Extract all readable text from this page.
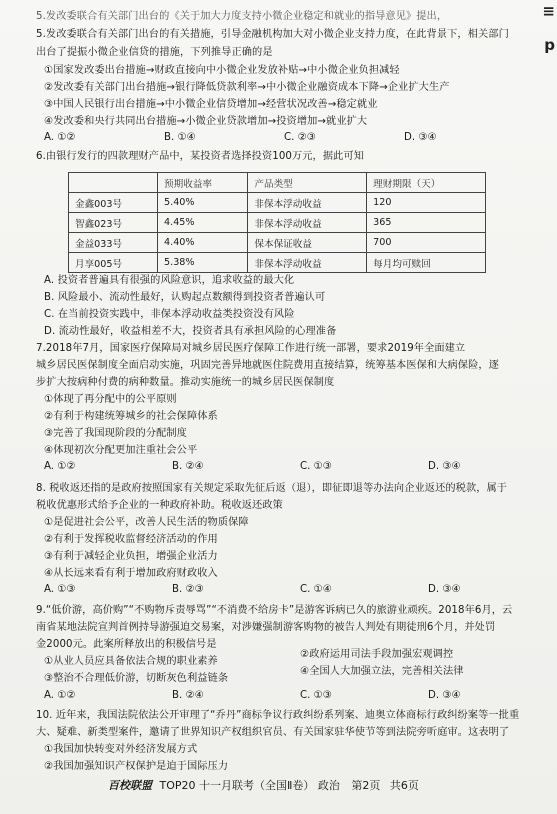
≡
p
5.发改委联合有关部门出台的《关于加大力度支持小微企业稳定和就业的指导意见》提出，
5.发改委联合有关部门出台的有关措施，引导金融机构加大对小微企业支持力度，在此背景下，相关部门
出台了提振小微企业信贷的措施，下列推导正确的是
①国家发改委出台措施→财政直接向中小微企业发放补贴→中小微企业负担减轻
②发改委有关部门出台措施→银行降低贷款利率→中小微企业融资成本下降→企业扩大生产
③中国人民银行出台措施→中小微企业信贷增加→经营状况改善→稳定就业
④发改委和央行共同出台措施→小微企业贷款增加→投资增加→就业扩大
A. ①②	B. ①④	C. ②③	D. ③④
6.由银行发行的四款理财产品中，某投资者选择投资100万元，据此可知
	预期收益率	产品类型	理财期限（天）
金鑫003号	5.40%	非保本浮动收益	120
智鑫023号	4.45%	非保本浮动收益	365
金益033号	4.40%	保本保证收益	700
月享005号	5.38%	非保本浮动收益	每月均可赎回
A. 投资者普遍具有很强的风险意识，追求收益的最大化
B. 风险最小、流动性最好，认购起点数额得到投资者普遍认可
C. 在当前投资实践中，非保本浮动收益类投资没有风险
D. 流动性最好，收益相差不大，投资者具有承担风险的心理准备
7.2018年7月，国家医疗保障局对城乡居民医疗保障工作进行统一部署，要求2019年全面建立
城乡居民医保制度全面启动实施，巩固完善异地就医住院费用直接结算，统筹基本医保和大病保险，逐
步扩大按病种付费的病种数量。推动实施统一的城乡居民医保制度
①体现了再分配中的公平原则
②有利于构建统筹城乡的社会保障体系
③完善了我国现阶段的分配制度
④体现初次分配更加注重社会公平
A. ①②	B. ②④	C. ①③	D. ③④
8. 税收返还指的是政府按照国家有关规定采取先征后返（退），即征即退等办法向企业返还的税款，属于
税收优惠形式给予企业的一种政府补助。税收返还政策
①是促进社会公平，改善人民生活的物质保障
②有利于发挥税收监督经济活动的作用
③有利于减轻企业负担，增强企业活力
④从长远来看有利于增加政府财政收入
A. ①③	B. ②③	C. ①④	D. ③④
9.“低价游，高价购”“不购物斥责辱骂”“不消费不给房卡”是游客诉病已久的旅游业顽疾。2018年6月，云
南省某地法院宣判首例持导游强迫交易案，对涉嫌强制游客购物的被告人判处有期徒刑6个月，并处罚
金2000元。此案所释放出的积极信号是
①从业人员应具备依法合规的职业素养
②政府运用司法手段加强宏观调控
③整治不合理低价游，切断灰色利益链条
④全国人大加强立法，完善相关法律
A. ①②	B. ②④	C. ①③	D. ③④
10. 近年来，我国法院依法公开审理了“乔丹”商标争议行政纠纷系列案、迪奥立体商标行政纠纷案等一批重
大、疑难、新类型案件，邀请了世界知识产权组织官员、有关国家驻华使节等到法院旁听庭审。这表明了
①我国加快转变对外经济发展方式
②我国加强知识产权保护是迫于国际压力
百校联盟 TOP20 十一月联考（全国Ⅱ卷） 政治 第2页 共6页
